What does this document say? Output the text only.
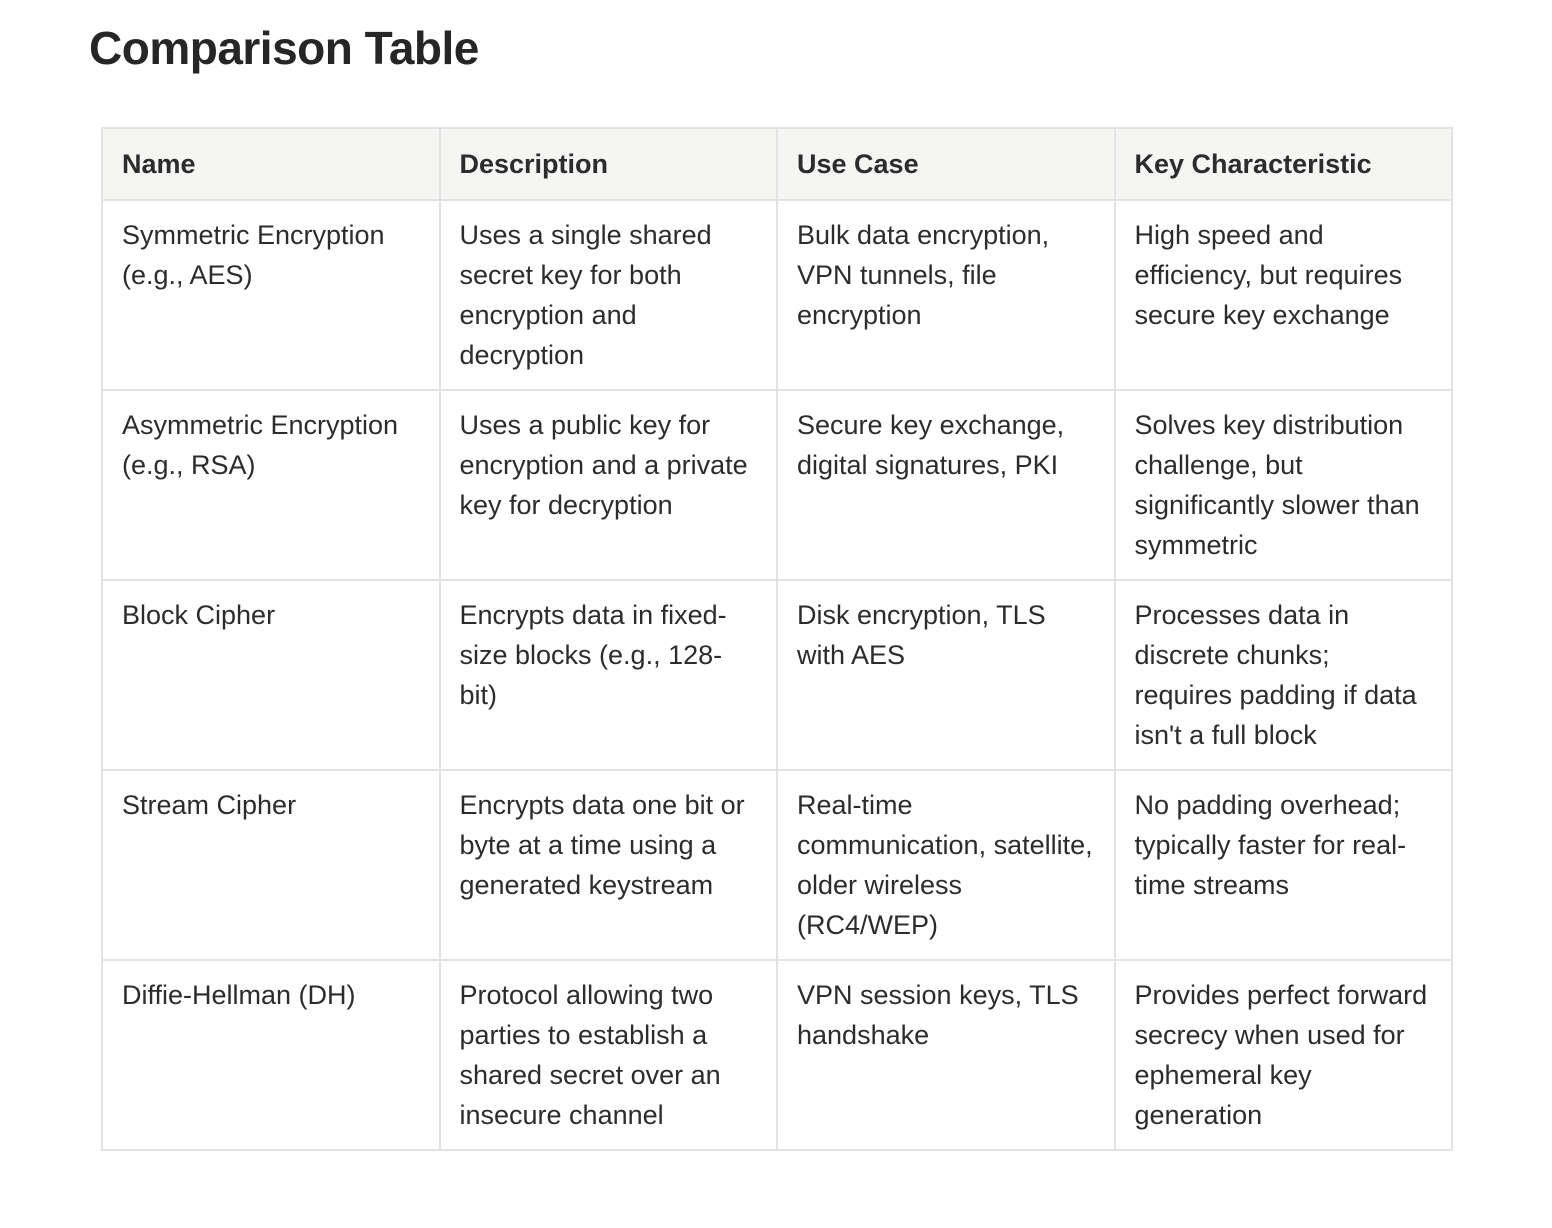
Comparison Table
Name	Description	Use Case	Key Characteristic
Symmetric Encryption (e.g., AES)	Uses a single shared secret key for both encryption and decryption	Bulk data encryption, VPN tunnels, file encryption	High speed and efficiency, but requires secure key exchange
Asymmetric Encryption (e.g., RSA)	Uses a public key for encryption and a private key for decryption	Secure key exchange, digital signatures, PKI	Solves key distribution challenge, but significantly slower than symmetric
Block Cipher	Encrypts data in fixed-size blocks (e.g., 128-bit)	Disk encryption, TLS with AES	Processes data in discrete chunks; requires padding if data isn't a full block
Stream Cipher	Encrypts data one bit or byte at a time using a generated keystream	Real-time communication, satellite, older wireless (RC4/WEP)	No padding overhead; typically faster for real-time streams
Diffie-Hellman (DH)	Protocol allowing two parties to establish a shared secret over an insecure channel	VPN session keys, TLS handshake	Provides perfect forward secrecy when used for ephemeral key generation
